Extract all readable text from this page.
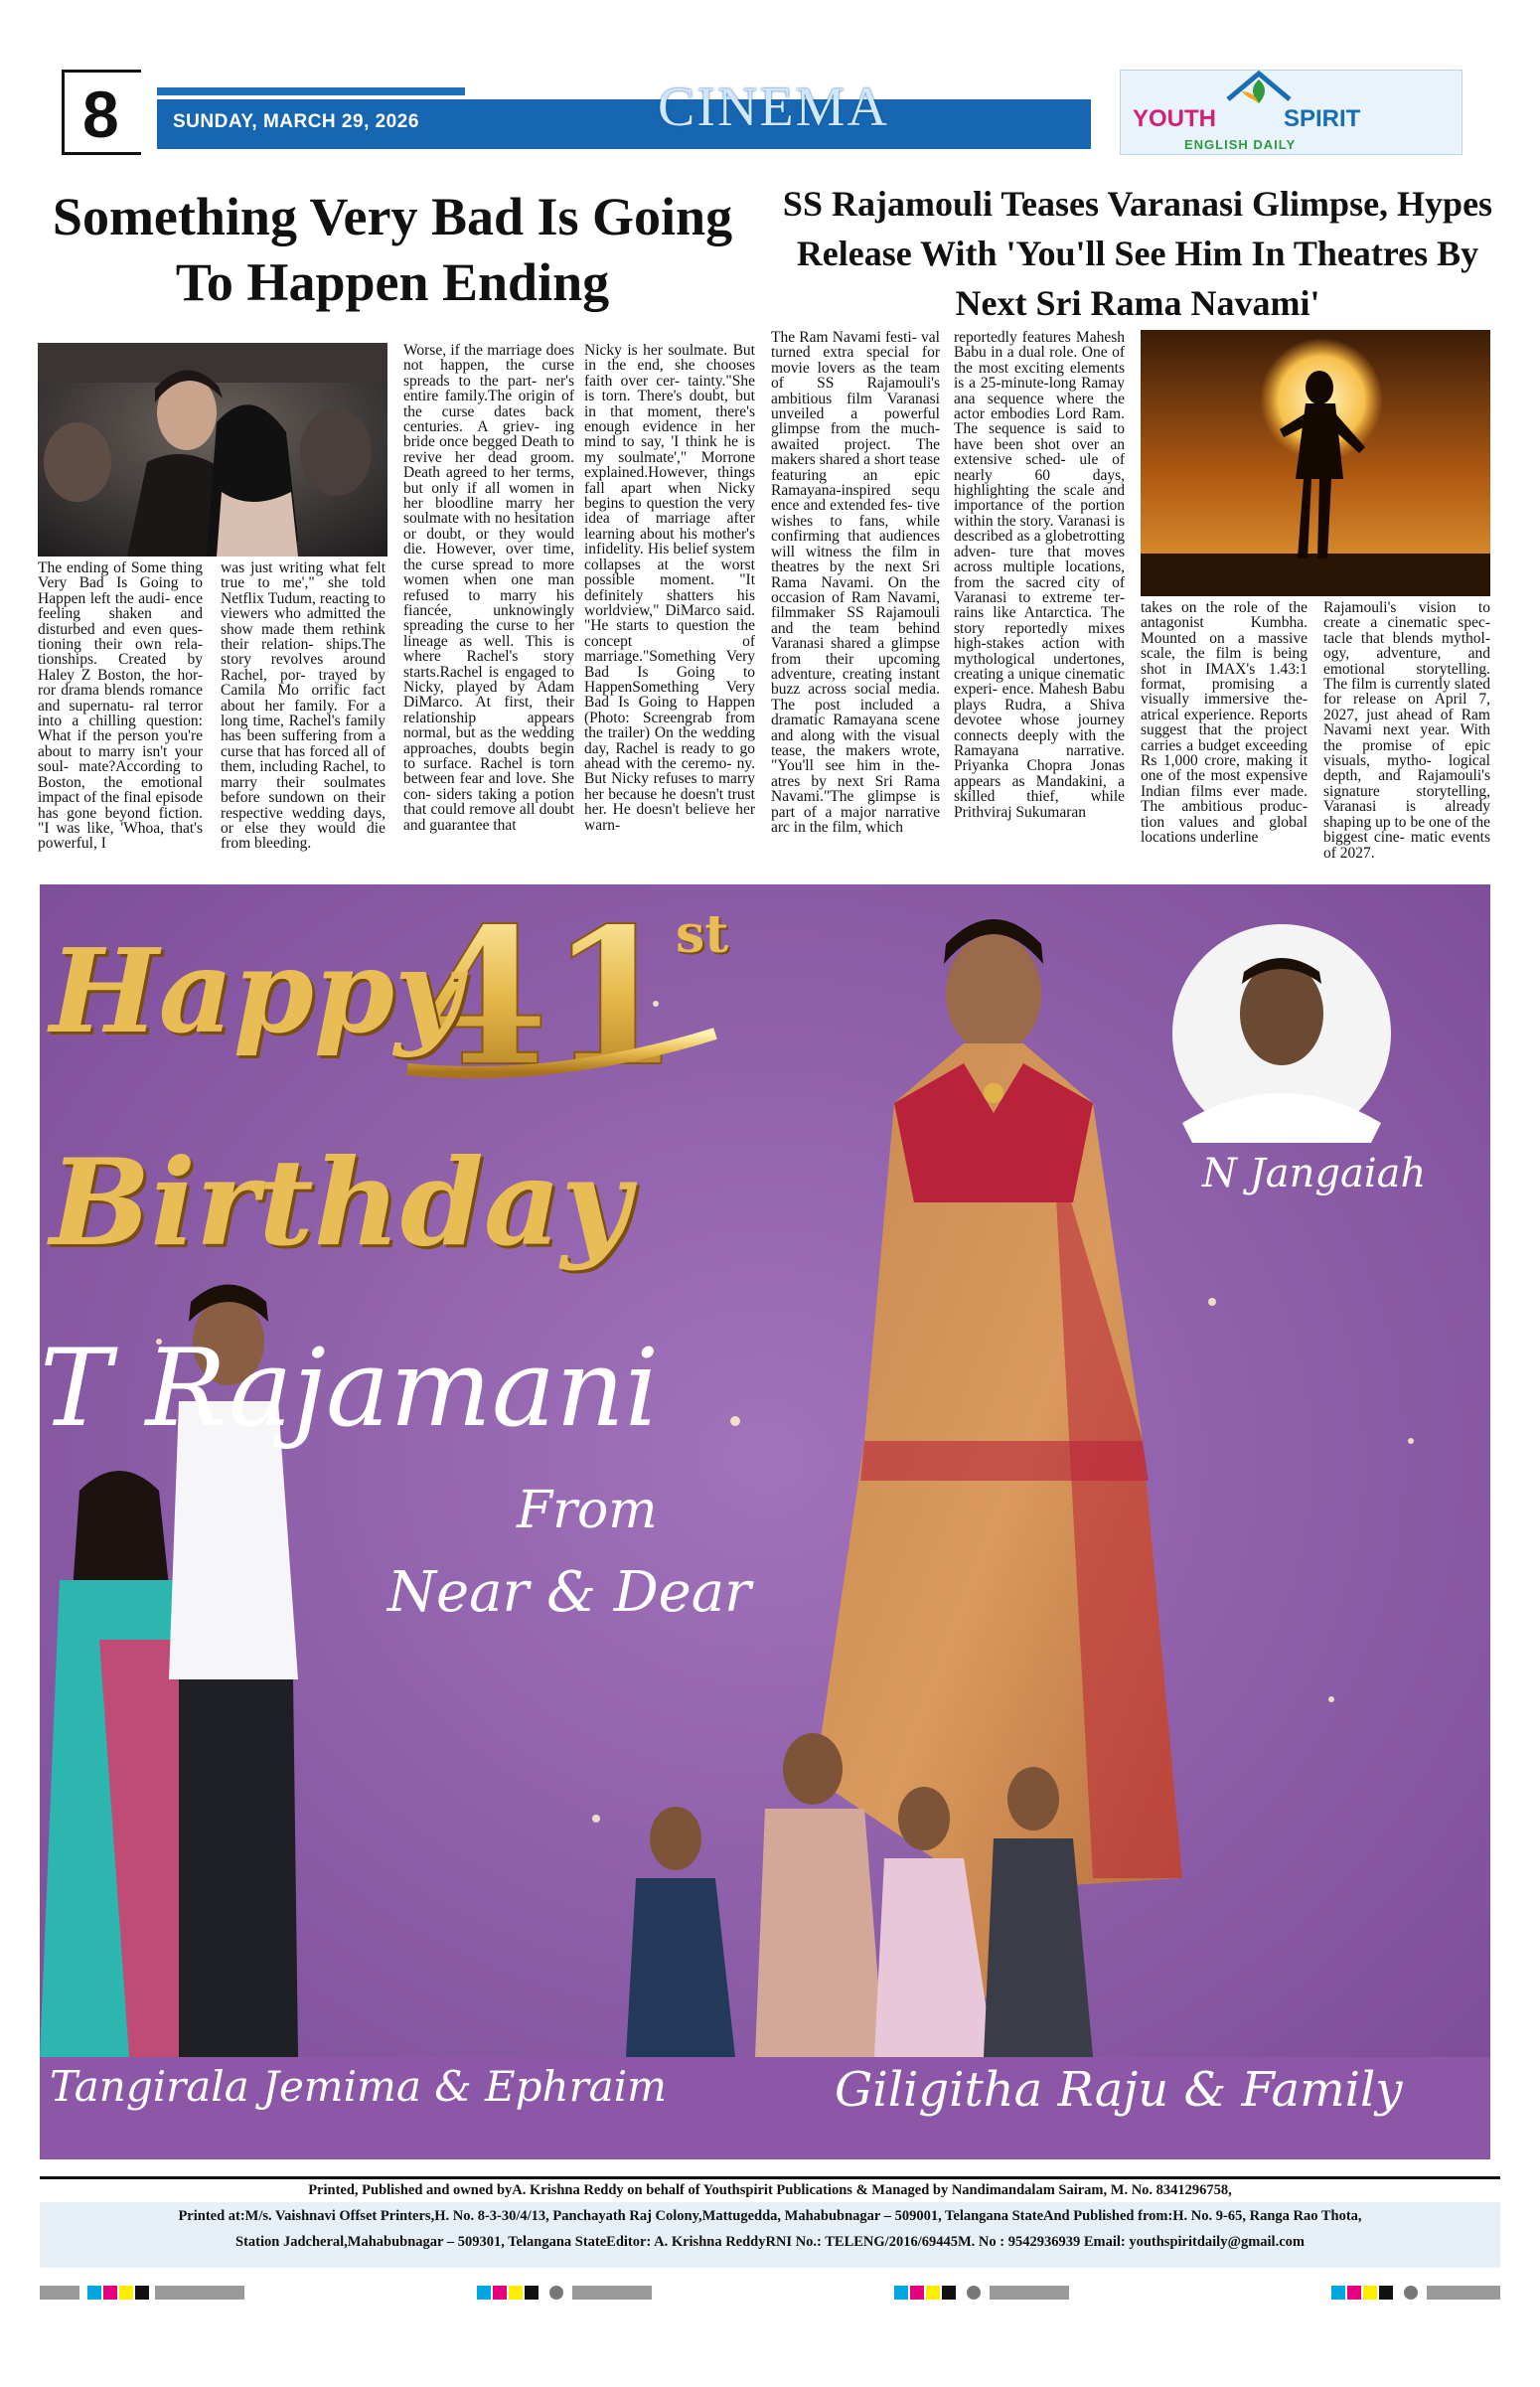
8	SUNDAY, MARCH 29, 2026	CINEMA	YOUTH	SPIRIT
ENGLISH DAILY
Something Very Bad Is Going To Happen Ending
The ending of Some thing Very Bad Is Going to Happen left the audi- ence feeling shaken and disturbed and even ques- tioning their own rela- tionships. Created by Haley Z Boston, the hor- ror drama blends romance and supernatu- ral terror into a chilling question: What if the person you're about to marry isn't your soul- mate?According to Boston, the emotional impact of the final episode has gone beyond fiction. "I was like, 'Whoa, that's powerful, I
was just writing what felt true to me'," she told Netflix Tudum, reacting to viewers who admitted the show made them rethink their relation- ships.The story revolves around Rachel, por- trayed by Camila Mo orrific fact about her family. For a long time, Rachel's family has been suffering from a curse that has forced all of them, including Rachel, to marry their soulmates before sundown on their respective wedding days, or else they would die from bleeding.
Worse, if the marriage does not happen, the curse spreads to the part- ner's entire family.The origin of the curse dates back centuries. A griev- ing bride once begged Death to revive her dead groom. Death agreed to her terms, but only if all women in her bloodline marry her soulmate with no hesitation or doubt, or they would die. However, over time, the curse spread to more women when one man refused to marry his fiancée, unknowingly spreading the curse to her lineage as well. This is where Rachel's story starts.Rachel is engaged to Nicky, played by Adam DiMarco. At first, their relationship appears normal, but as the wedding approaches, doubts begin to surface. Rachel is torn between fear and love. She con- siders taking a potion that could remove all doubt and guarantee that
Nicky is her soulmate. But in the end, she chooses faith over cer- tainty."She is torn. There's doubt, but in that moment, there's enough evidence in her mind to say, 'I think he is my soulmate'," Morrone explained.However, things fall apart when Nicky begins to question the very idea of marriage after learning about his mother's infidelity. His belief system collapses at the worst possible moment. "It definitely shatters his worldview," DiMarco said. "He starts to question the concept of marriage."Something Very Bad Is Going to HappenSomething Very Bad Is Going to Happen (Photo: Screengrab from the trailer) On the wedding day, Rachel is ready to go ahead with the ceremo- ny. But Nicky refuses to marry her because he doesn't trust her. He doesn't believe her warn-
SS Rajamouli Teases Varanasi Glimpse, Hypes Release With 'You'll See Him In Theatres By Next Sri Rama Navami'
The Ram Navami festi- val turned extra special for movie lovers as the team of SS Rajamouli's ambitious film Varanasi unveiled a powerful glimpse from the much- awaited project. The makers shared a short tease featuring an epic Ramayana-inspired sequ ence and extended fes- tive wishes to fans, while confirming that audiences will witness the film in theatres by the next Sri Rama Navami. On the occasion of Ram Navami, filmmaker SS Rajamouli and the team behind Varanasi shared a glimpse from their upcoming adventure, creating instant buzz across social media. The post included a dramatic Ramayana scene and along with the visual tease, the makers wrote, "You'll see him in the- atres by next Sri Rama Navami."The glimpse is part of a major narrative arc in the film, which
reportedly features Mahesh Babu in a dual role. One of the most exciting elements is a 25-minute-long Ramay ana sequence where the actor embodies Lord Ram. The sequence is said to have been shot over an extensive sched- ule of nearly 60 days, highlighting the scale and importance of the portion within the story. Varanasi is described as a globetrotting adven- ture that moves across multiple locations, from the sacred city of Varanasi to extreme ter- rains like Antarctica. The story reportedly mixes high-stakes action with mythological undertones, creating a unique cinematic experi- ence. Mahesh Babu plays Rudra, a Shiva devotee whose journey connects deeply with the Ramayana narrative. Priyanka Chopra Jonas appears as Mandakini, a skilled thief, while Prithviraj Sukumaran
takes on the role of the antagonist Kumbha. Mounted on a massive scale, the film is being shot in IMAX's 1.43:1 format, promising a visually immersive the- atrical experience. Reports suggest that the project carries a budget exceeding Rs 1,000 crore, making it one of the most expensive Indian films ever made. The ambitious produc- tion values and global locations underline
Rajamouli's vision to create a cinematic spec- tacle that blends mythol- ogy, adventure, and emotional storytelling. The film is currently slated for release on April 7, 2027, just ahead of Ram Navami next year. With the promise of epic visuals, mytho- logical depth, and Rajamouli's signature storytelling, Varanasi is already shaping up to be one of the biggest cine- matic events of 2027.
41
Happy	st
Birthday
T Rajamani
From
Near & Dear
N Jangaiah
Tangirala Jemima & Ephraim	Giligitha Raju & Family
Printed, Published and owned byA. Krishna Reddy on behalf of Youthspirit Publications & Managed by Nandimandalam Sairam, M. No. 8341296758,
Printed at:M/s. Vaishnavi Offset Printers,H. No. 8-3-30/4/13, Panchayath Raj Colony,Mattugedda, Mahabubnagar – 509001, Telangana StateAnd Published from:H. No. 9-65, Ranga Rao Thota,
Station Jadcheral,Mahabubnagar – 509301, Telangana StateEditor: A. Krishna ReddyRNI No.: TELENG/2016/69445M. No : 9542936939 Email: youthspiritdaily@gmail.com
